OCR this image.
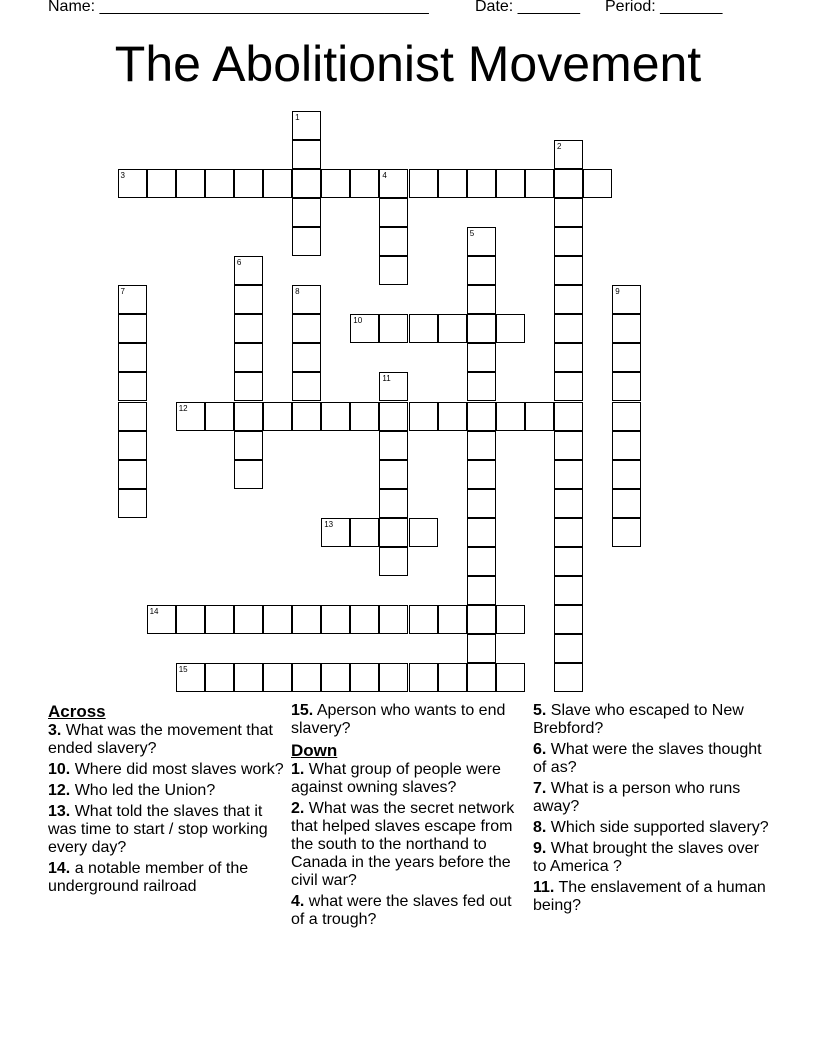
Name: _____________________________________	Date: _______ Period: _______
The Abolitionist Movement
1
2
3	4
5
6
7	8	9
10
11
12
13
14
15
Across
3. What was the movement that ended slavery?
10. Where did most slaves work?
12. Who led the Union?
13. What told the slaves that it was time to start / stop working every day?
14. a notable member of the underground railroad
15. Aperson who wants to end slavery?
Down
1. What group of people were against owning slaves?
2. What was the secret network that helped slaves escape from the south to the northand to Canada in the years before the civil war?
4. what were the slaves fed out of a trough?
5. Slave who escaped to New Brebford?
6. What were the slaves thought of as?
7. What is a person who runs away?
8. Which side supported slavery?
9. What brought the slaves over to America ?
11. The enslavement of a human being?
